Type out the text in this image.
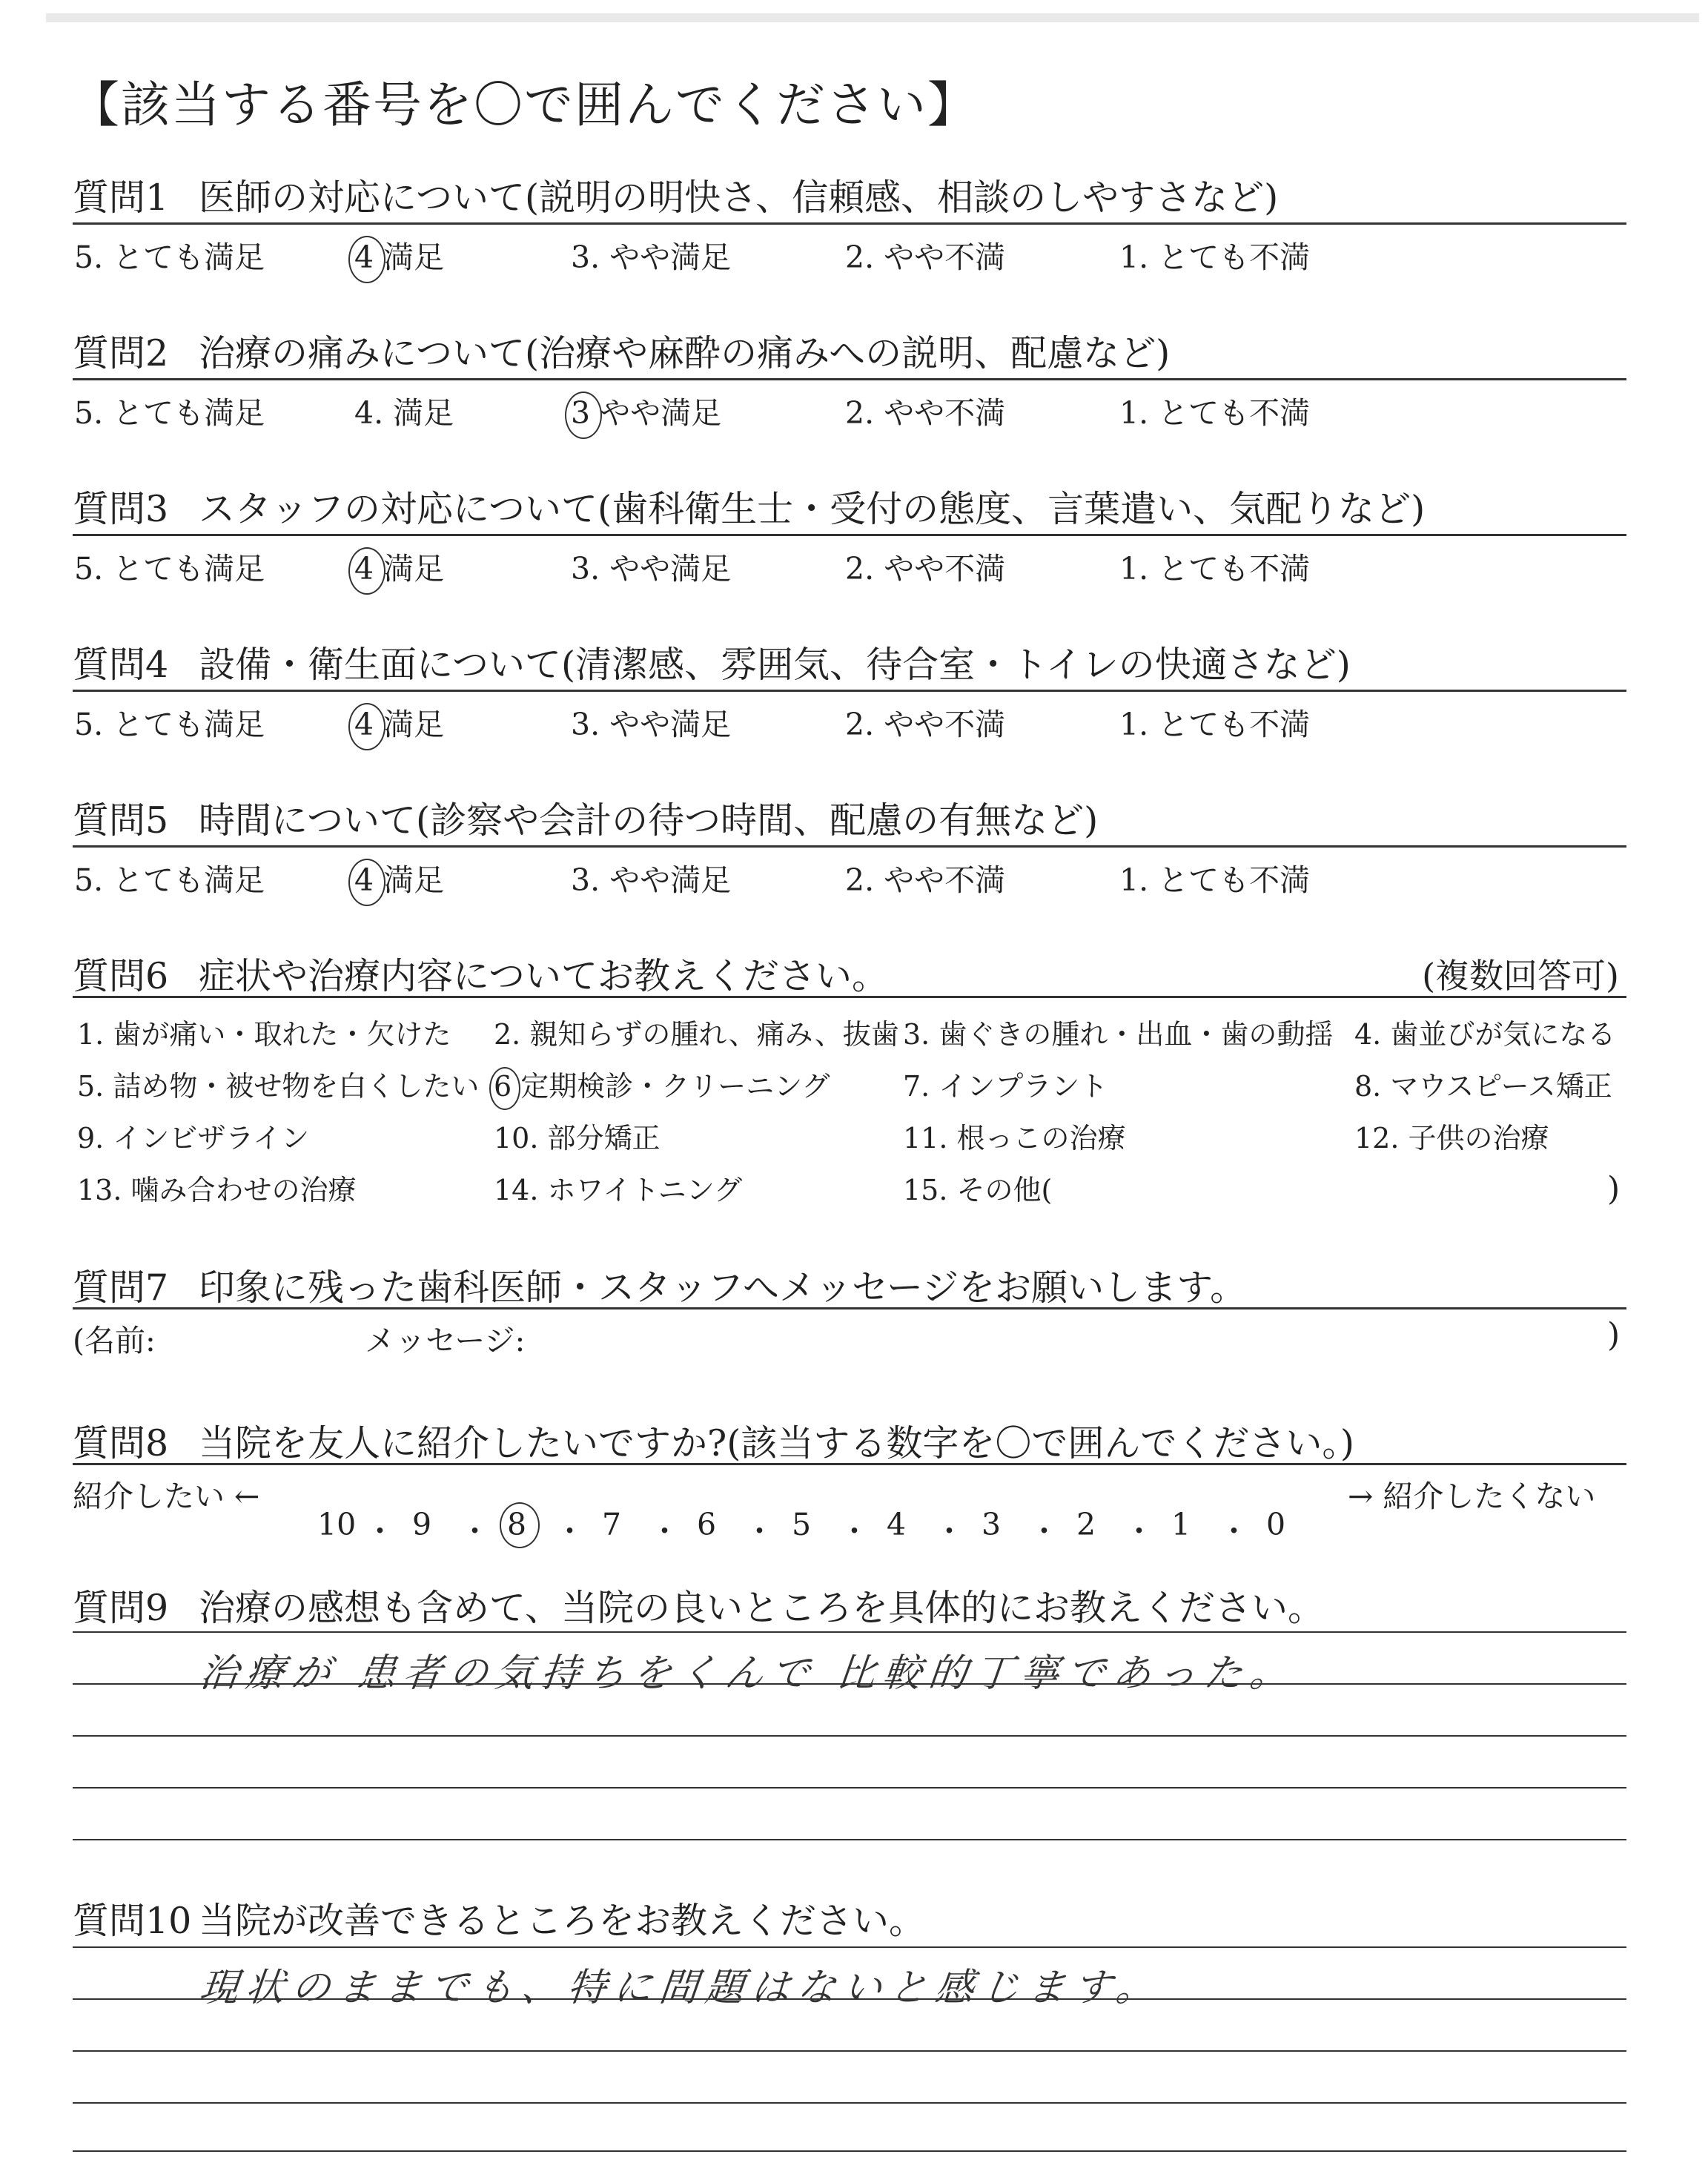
【該当する番号を〇で囲んでください】
質問1 医師の対応について(説明の明快さ、信頼感、相談のしやすさなど)
5. とても満足	4 満足	3. やや満足	2. やや不満	1. とても不満
質問2 治療の痛みについて(治療や麻酔の痛みへの説明、配慮など)
5. とても満足	4. 満足	3 やや満足	2. やや不満	1. とても不満
質問3 スタッフの対応について(歯科衛生士・受付の態度、言葉遣い、気配りなど)
5. とても満足	4 満足	3. やや満足	2. やや不満	1. とても不満
質問4 設備・衛生面について(清潔感、雰囲気、待合室・トイレの快適さなど)
5. とても満足	4 満足	3. やや満足	2. やや不満	1. とても不満
質問5 時間について(診察や会計の待つ時間、配慮の有無など)
5. とても満足	4 満足	3. やや満足	2. やや不満	1. とても不満
質問6 症状や治療内容についてお教えください。	(複数回答可)
1. 歯が痛い・取れた・欠けた 2. 親知らずの腫れ、痛み、抜歯 3. 歯ぐきの腫れ・出血・歯の動揺 4. 歯並びが気になる
5. 詰め物・被せ物を白くしたい 6 定期検診・クリーニング	7. インプラント	8. マウスピース矯正
9. インビザライン	10. 部分矯正	11. 根っこの治療	12. 子供の治療
13. 噛み合わせの治療	14. ホワイトニング	15. その他(	)
質問7 印象に残った歯科医師・スタッフへメッセージをお願いします。
(名前:	メッセージ:	)
質問8 当院を友人に紹介したいですか?(該当する数字を〇で囲んでください。)
紹介したい ←
10 ・ 9 ・ 8 ・ 7 ・ 6 ・ 5 ・ 4 ・ 3 ・ 2 ・ 1 ・ 0
→ 紹介したくない
質問9 治療の感想も含めて、当院の良いところを具体的にお教えください。
治療が 患者の気持ちをくんで 比較的丁寧であった。
質問10 当院が改善できるところをお教えください。
現状のままでも、特に問題はないと感じます。
